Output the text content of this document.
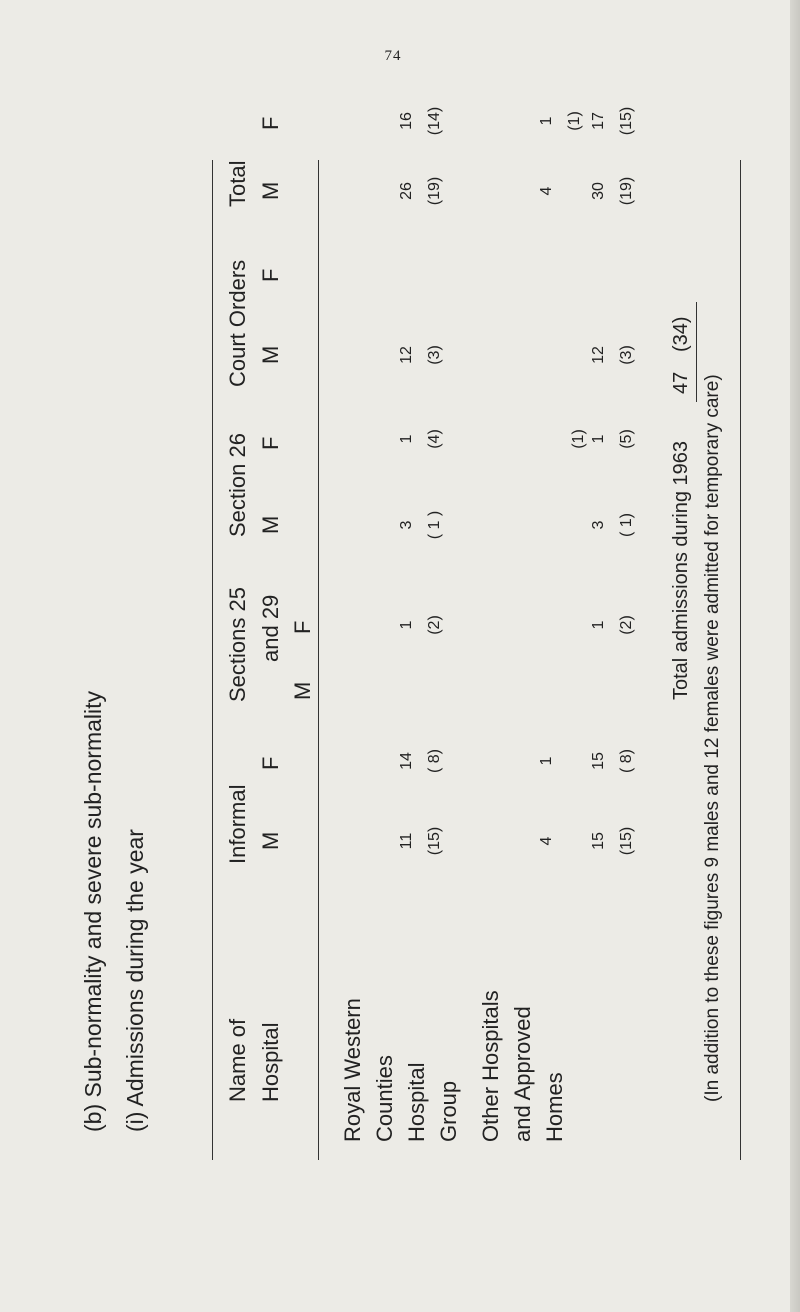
74
(b) Sub-normality and severe sub-normality (i) Admissions during the year	Name of Hospital
Informal M
F
Sections 25 and 29
M
F
Section 26 M
F
Court Orders M
F
Total M
F
Royal Western Counties Hospital Group
11 (15)
14 ( 8)
1 (2)
3 ( 1 )
1 (4)
12 (3)
26 (19)
16 (14)
Other Hospitals and Approved Homes
4
1
(1)
4
1 (1)
15 (15)
15 ( 8)
1 (2)
3 ( 1)
1 (5)
12 (3)
30 (19)
17 (15)
Total admissions during 1963
47
(34)
(In addition to these figures 9 males and 12 females were admitted for temporary care)
